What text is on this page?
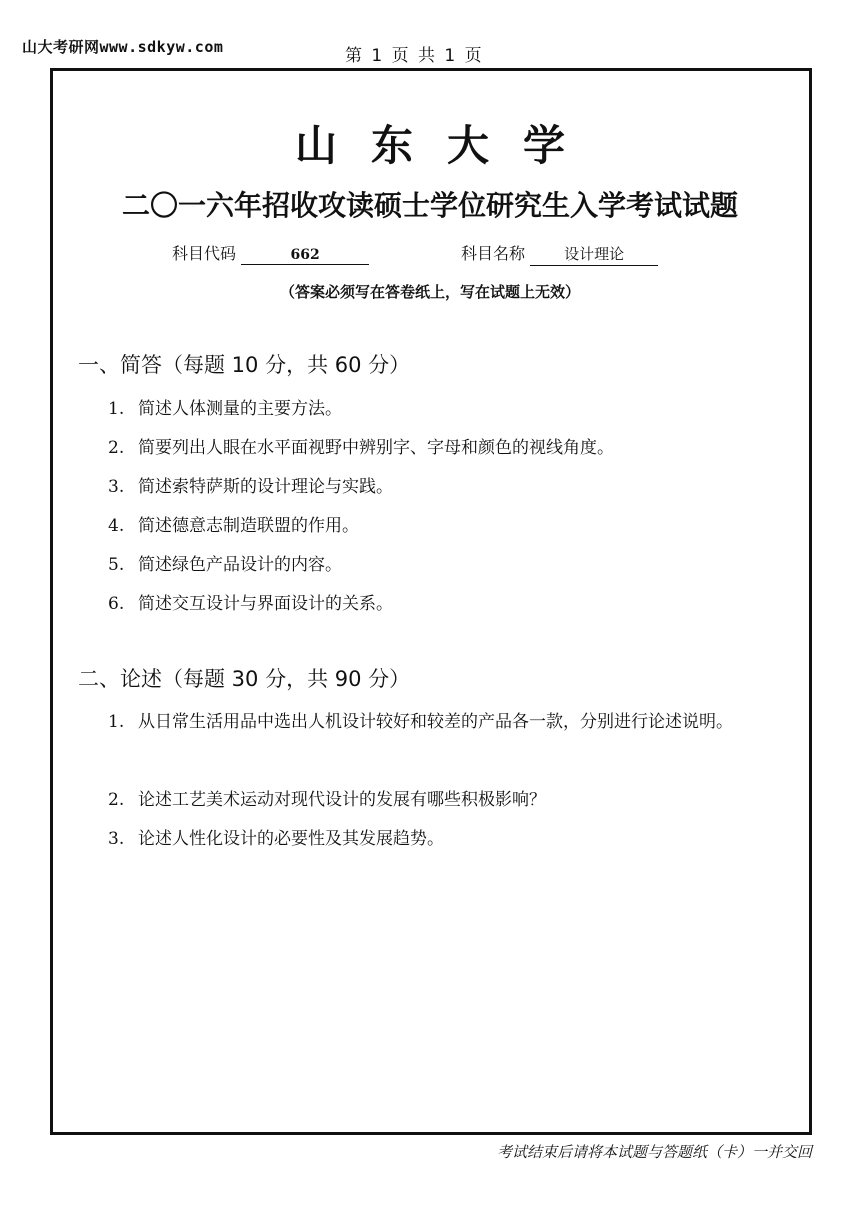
山大考研网www.sdkyw.com	第 1 页 共 1 页
山东大学
二〇一六年招收攻读硕士学位研究生入学考试试题
科目代码	662	科目名称	设计理论
（答案必须写在答卷纸上，写在试题上无效）
一、简答（每题 10 分，共 60 分）
1. 简述人体测量的主要方法。
2. 简要列出人眼在水平面视野中辨别字、字母和颜色的视线角度。
3. 简述索特萨斯的设计理论与实践。
4. 简述德意志制造联盟的作用。
5. 简述绿色产品设计的内容。
6. 简述交互设计与界面设计的关系。
二、论述（每题 30 分，共 90 分）
1. 从日常生活用品中选出人机设计较好和较差的产品各一款，分别进行论述说明。
2. 论述工艺美术运动对现代设计的发展有哪些积极影响？
3. 论述人性化设计的必要性及其发展趋势。
考试结束后请将本试题与答题纸（卡）一并交回
